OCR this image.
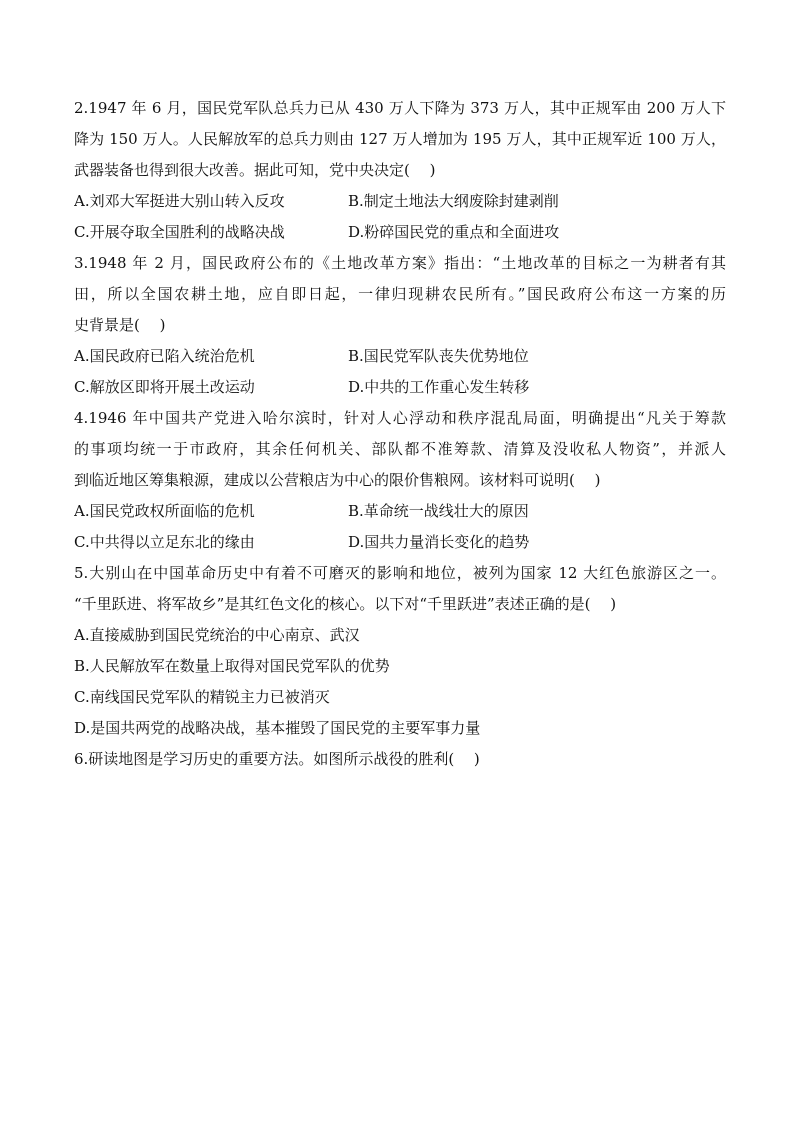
2.1947 年 6 月，国民党军队总兵力已从 430 万人下降为 373 万人，其中正规军由 200 万人下
降为 150 万人。人民解放军的总兵力则由 127 万人增加为 195 万人，其中正规军近 100 万人，
武器装备也得到很大改善。据此可知，党中央决定(　 )
A.刘邓大军挺进大别山转入反攻	B.制定土地法大纲废除封建剥削
C.开展夺取全国胜利的战略决战	D.粉碎国民党的重点和全面进攻
3.1948 年 2 月，国民政府公布的《土地改革方案》指出：“土地改革的目标之一为耕者有其
田，所以全国农耕土地，应自即日起，一律归现耕农民所有。”国民政府公布这一方案的历
史背景是(　 )
A.国民政府已陷入统治危机	B.国民党军队丧失优势地位
C.解放区即将开展土改运动	D.中共的工作重心发生转移
4.1946 年中国共产党进入哈尔滨时，针对人心浮动和秩序混乱局面，明确提出“凡关于筹款
的事项均统一于市政府，其余任何机关、部队都不准筹款、清算及没收私人物资”，并派人
到临近地区筹集粮源，建成以公营粮店为中心的限价售粮网。该材料可说明(　 )
A.国民党政权所面临的危机	B.革命统一战线壮大的原因
C.中共得以立足东北的缘由	D.国共力量消长变化的趋势
5.大别山在中国革命历史中有着不可磨灭的影响和地位，被列为国家 12 大红色旅游区之一。
“千里跃进、将军故乡”是其红色文化的核心。以下对“千里跃进”表述正确的是(　 )
A.直接威胁到国民党统治的中心南京、武汉
B.人民解放军在数量上取得对国民党军队的优势
C.南线国民党军队的精锐主力已被消灭
D.是国共两党的战略决战，基本摧毁了国民党的主要军事力量
6.研读地图是学习历史的重要方法。如图所示战役的胜利(　 )
